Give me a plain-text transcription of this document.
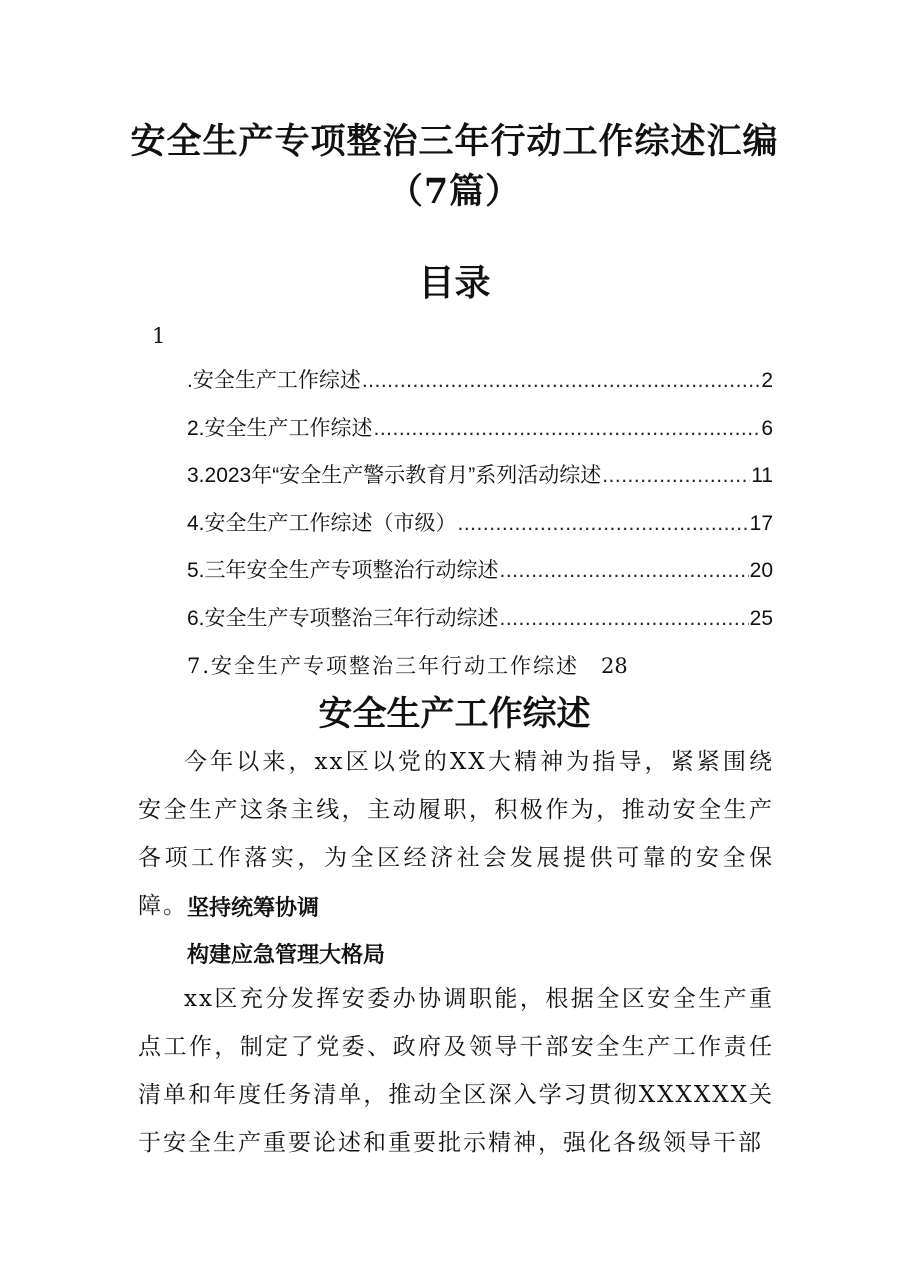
安全生产专项整治三年行动工作综述汇编
（7篇）
目录
1
.安全生产工作综述 .....	2
2.安全生产工作综述 .....	6
3.2023年“安全生产警示教育月”系列活动综述 .....	11
4.安全生产工作综述（市级） .....	17
5.三年安全生产专项整治行动综述 .....	20
6.安全生产专项整治三年行动综述 .....	25
7.安全生产专项整治三年行动工作综述 28
安全生产工作综述

今年以来，xx区以党的XX大精神为指导，紧紧围绕安全生产这条主线，主动履职，积极作为，推动安全生产各项工作落实，为全区经济社会发展提供可靠的安全保障。 坚持统筹协调

构建应急管理大格局

xx区充分发挥安委办协调职能，根据全区安全生产重点工作，制定了党委、政府及领导干部安全生产工作责任清单和年度任务清单，推动全区深入学习贯彻XXXXXX关于安全生产重要论述和重要批示精神，强化各级领导干部
